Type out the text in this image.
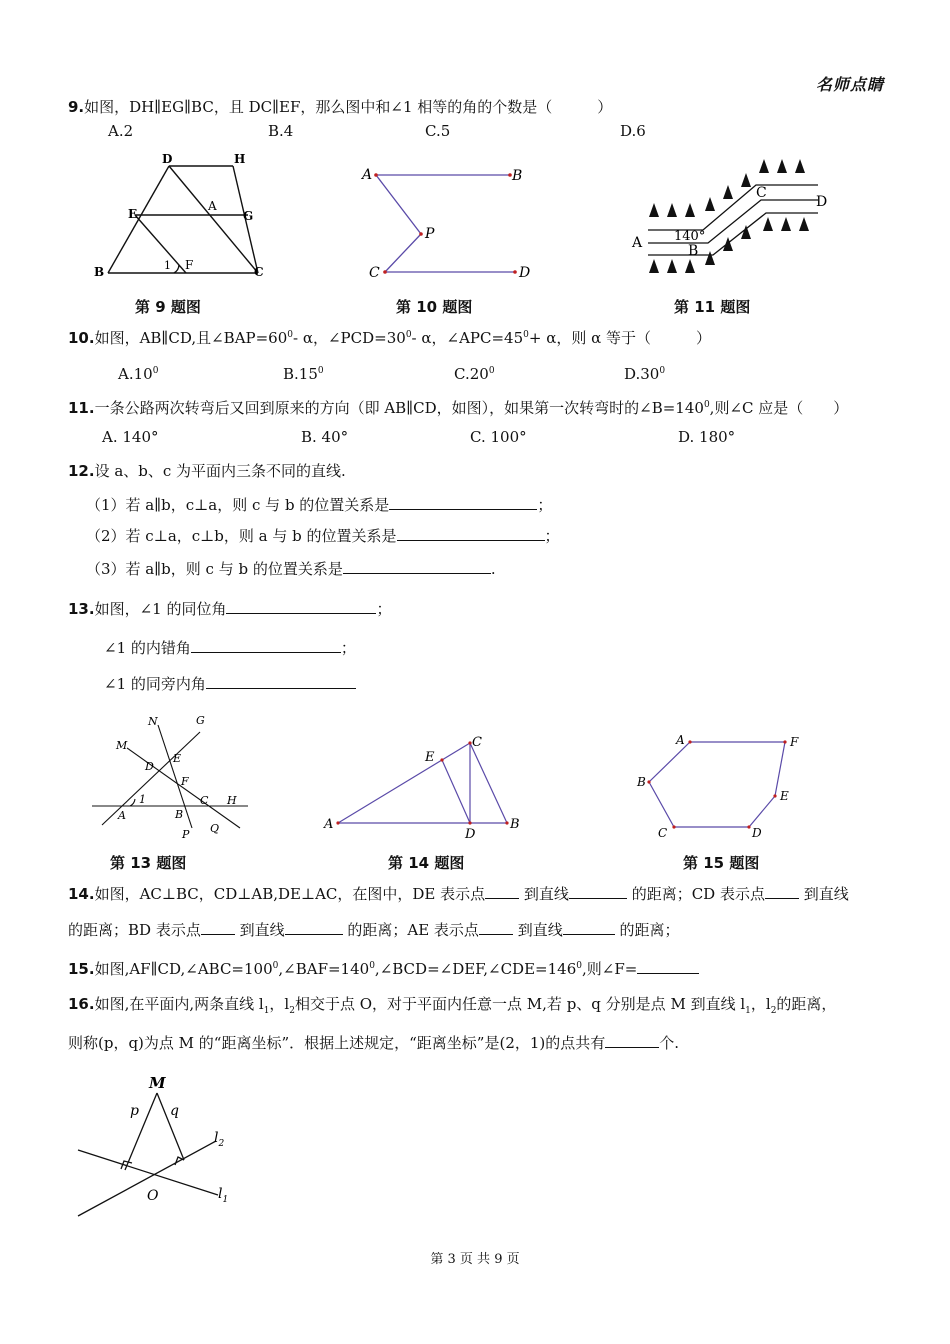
名师点睛
9.如图，DH∥EG∥BC，且 DC∥EF，那么图中和∠1 相等的角的个数是（　　　）
A.2	B.4	C.5	D.6
D	H
E
A
G
B	1 F	C
A	B
P
C	D
A	B
C
D
140°
第 9 题图	第 10 题图	第 11 题图
10.如图，AB∥CD,且$\angle BAP=60^0-$ α，$\angle PCD=30^0-$ α，$\angle APC=45^0+ \alpha$，则 α 等于（　　　）
$A.10^0$	$B.15^0$	$C.20^0$	$D.30^0$
11.一条公路两次转弯后又回到原来的方向（即 AB∥CD，如图），如果第一次转弯时的$\angle B=140^0$,则∠C 应是（　　）
A. 140°	B. 40°	C. 100°	D. 180°
12.设 a、b、c 为平面内三条不同的直线.
（1）若 a∥b，c⊥a，则 c 与 b 的位置关系是	；
（2）若 c⊥a，c⊥b，则 a 与 b 的位置关系是	；
（3）若 a∥b，则 c 与 b 的位置关系是	.
13.如图，∠1 的同位角	；
∠1 的内错角	；
∠1 的同旁内角
N	G
M
E
D
F
1
A	B
C H
P Q	A
C
E
D
B
A	F
B
E
C	D
第 13 题图	第 14 题图	第 15 题图
14.如图，AC⊥BC，CD⊥AB,DE⊥AC，在图中，DE 表示点 到直线	的距离；CD 表示点 到直线
的距离；BD 表示点 到直线	的距离；AE 表示点 到直线	的距离；
15.如图$,AF\parallel CD,\angle ABC=100^0,\angle BAF=140^0,\angle BCD=\angle DEF,\angle CDE=146^0$,则∠F=
16.如图,在平面内,两条直线 $l_1$，$l_2$相交于点 O，对于平面内任意一点 M,若 p、q 分别是点 M 到直线 $l_1$，$l_2$的距离，
则称(p，q)为点 M 的“距离坐标”．根据上述规定，“距离坐标”是(2，1)的点共有	个.
M
p q
$l_2$
$l_1$
O
第 3 页 共 9 页
